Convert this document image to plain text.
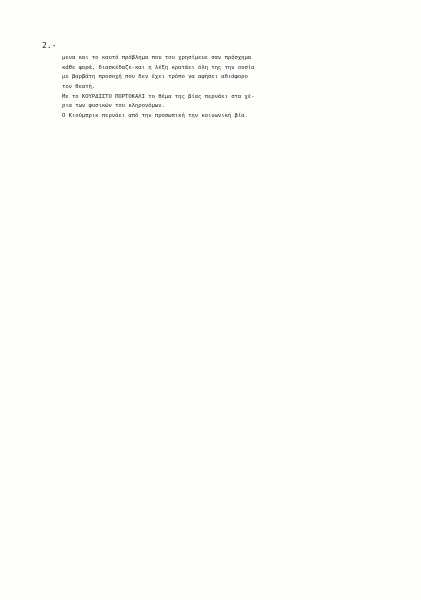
2.-
μενα και το καυτό πρόβλημα που του χρησίμευε σαν πρόσχημα
κάθε φορά, διασκέδαζε-και η λέξη κρατάει όλη της την ουσία
με βαρβάτη προσοχή που δεν έχει τρόπο να αφήσει αδιάφορο
τον θεατή.
Με το ΚΟΥΡΔΙΣΤΟ ΠΟΡΤΟΚΑΛΙ το θέμα της βίας περνάει στα χέ-
ρια των φυσικών του κληρονόμων.
Ο Κιούμπρικ περνάει από την προσωπική την κοινωνική βία.
